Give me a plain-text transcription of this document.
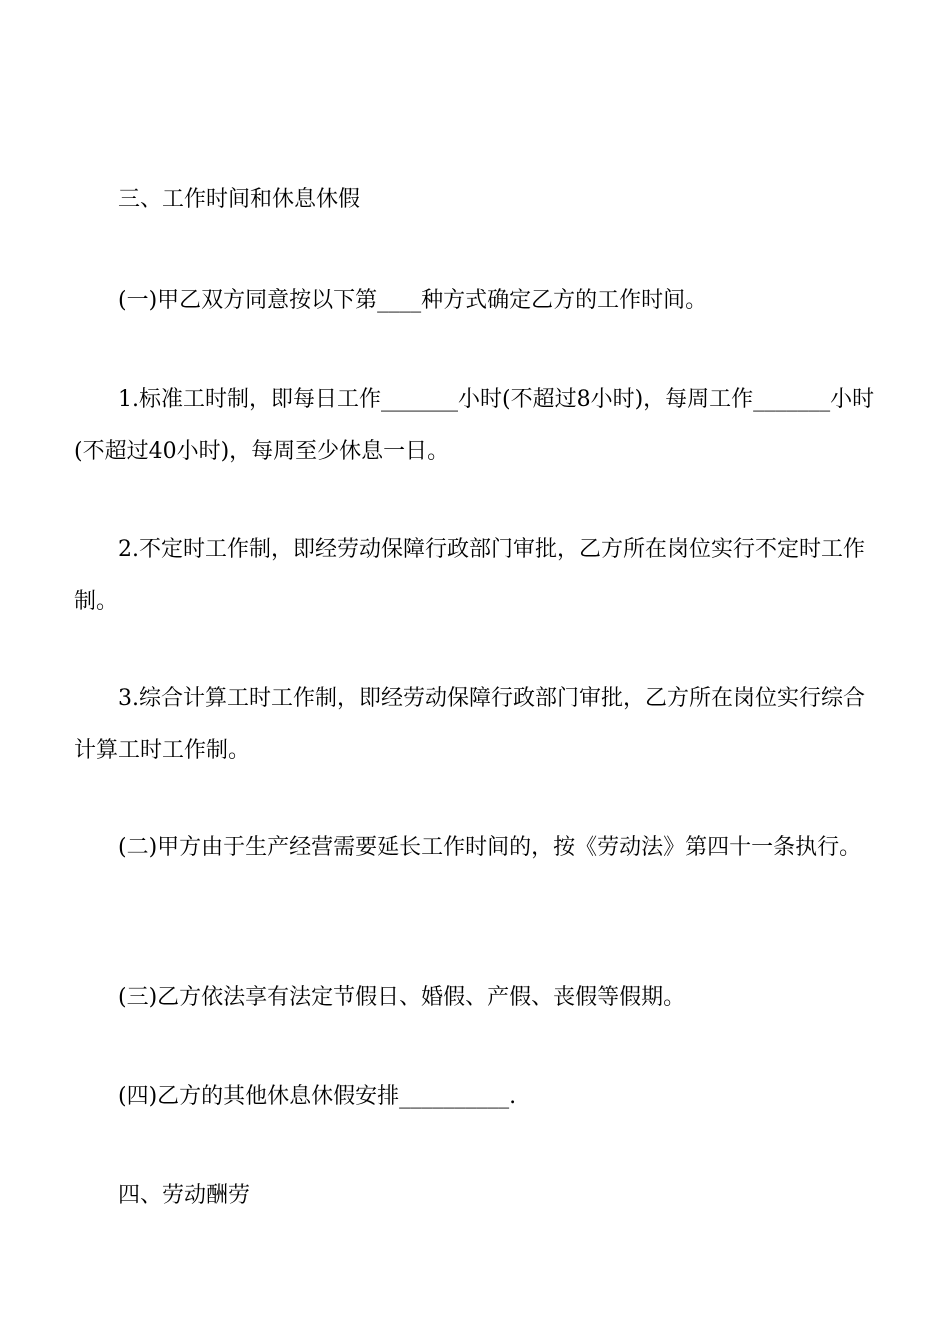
三、工作时间和休息休假
(一)甲乙双方同意按以下第____种方式确定乙方的工作时间。
1.标准工时制，即每日工作_______小时(不超过8小时)，每周工作_______小时(不超过40小时)，每周至少休息一日。
2.不定时工作制，即经劳动保障行政部门审批，乙方所在岗位实行不定时工作制。
3.综合计算工时工作制，即经劳动保障行政部门审批，乙方所在岗位实行综合计算工时工作制。
(二)甲方由于生产经营需要延长工作时间的，按《劳动法》第四十一条执行。
(三)乙方依法享有法定节假日、婚假、产假、丧假等假期。
(四)乙方的其他休息休假安排__________.
四、劳动酬劳
